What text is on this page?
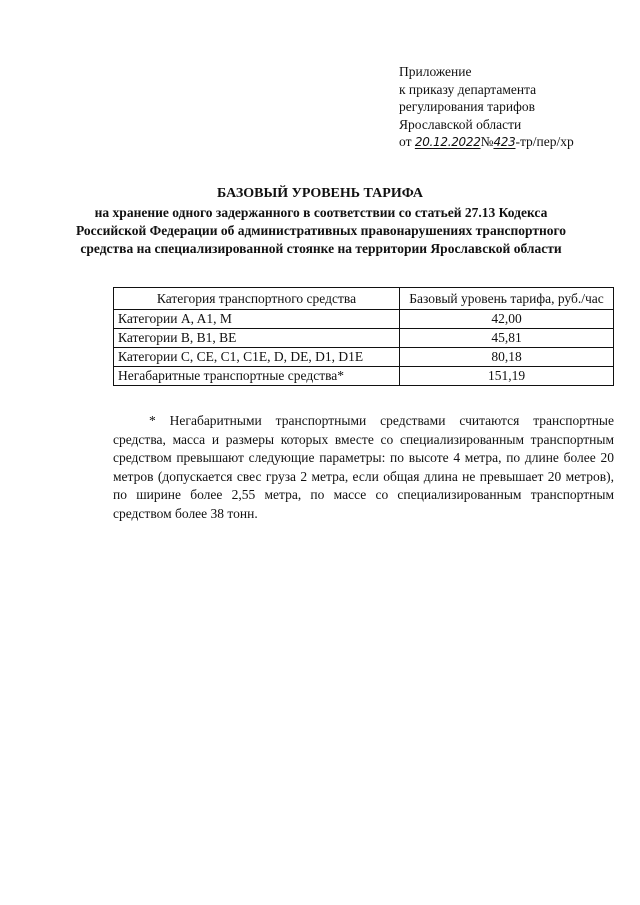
Приложение
к приказу департамента
регулирования тарифов
Ярославской области
от 20.12.2022№423-тр/пер/хр
БАЗОВЫЙ УРОВЕНЬ ТАРИФА
на хранение одного задержанного в соответствии со статьей 27.13 Кодекса Российской Федерации об административных правонарушениях транспортного средства на специализированной стоянке на территории Ярославской области
Категория транспортного средства	Базовый уровень тарифа, руб./час
Категории A, A1, M	42,00
Категории B, B1, BE	45,81
Категории C, CE, C1, C1E, D, DE, D1, D1E	80,18
Негабаритные транспортные средства*	151,19
* Негабаритными транспортными средствами считаются транспортные средства, масса и размеры которых вместе со специализированным транспортным средством превышают следующие параметры: по высоте 4 метра, по длине более 20 метров (допускается свес груза 2 метра, если общая длина не превышает 20 метров), по ширине более 2,55 метра, по массе со специализированным транспортным средством более 38 тонн.
